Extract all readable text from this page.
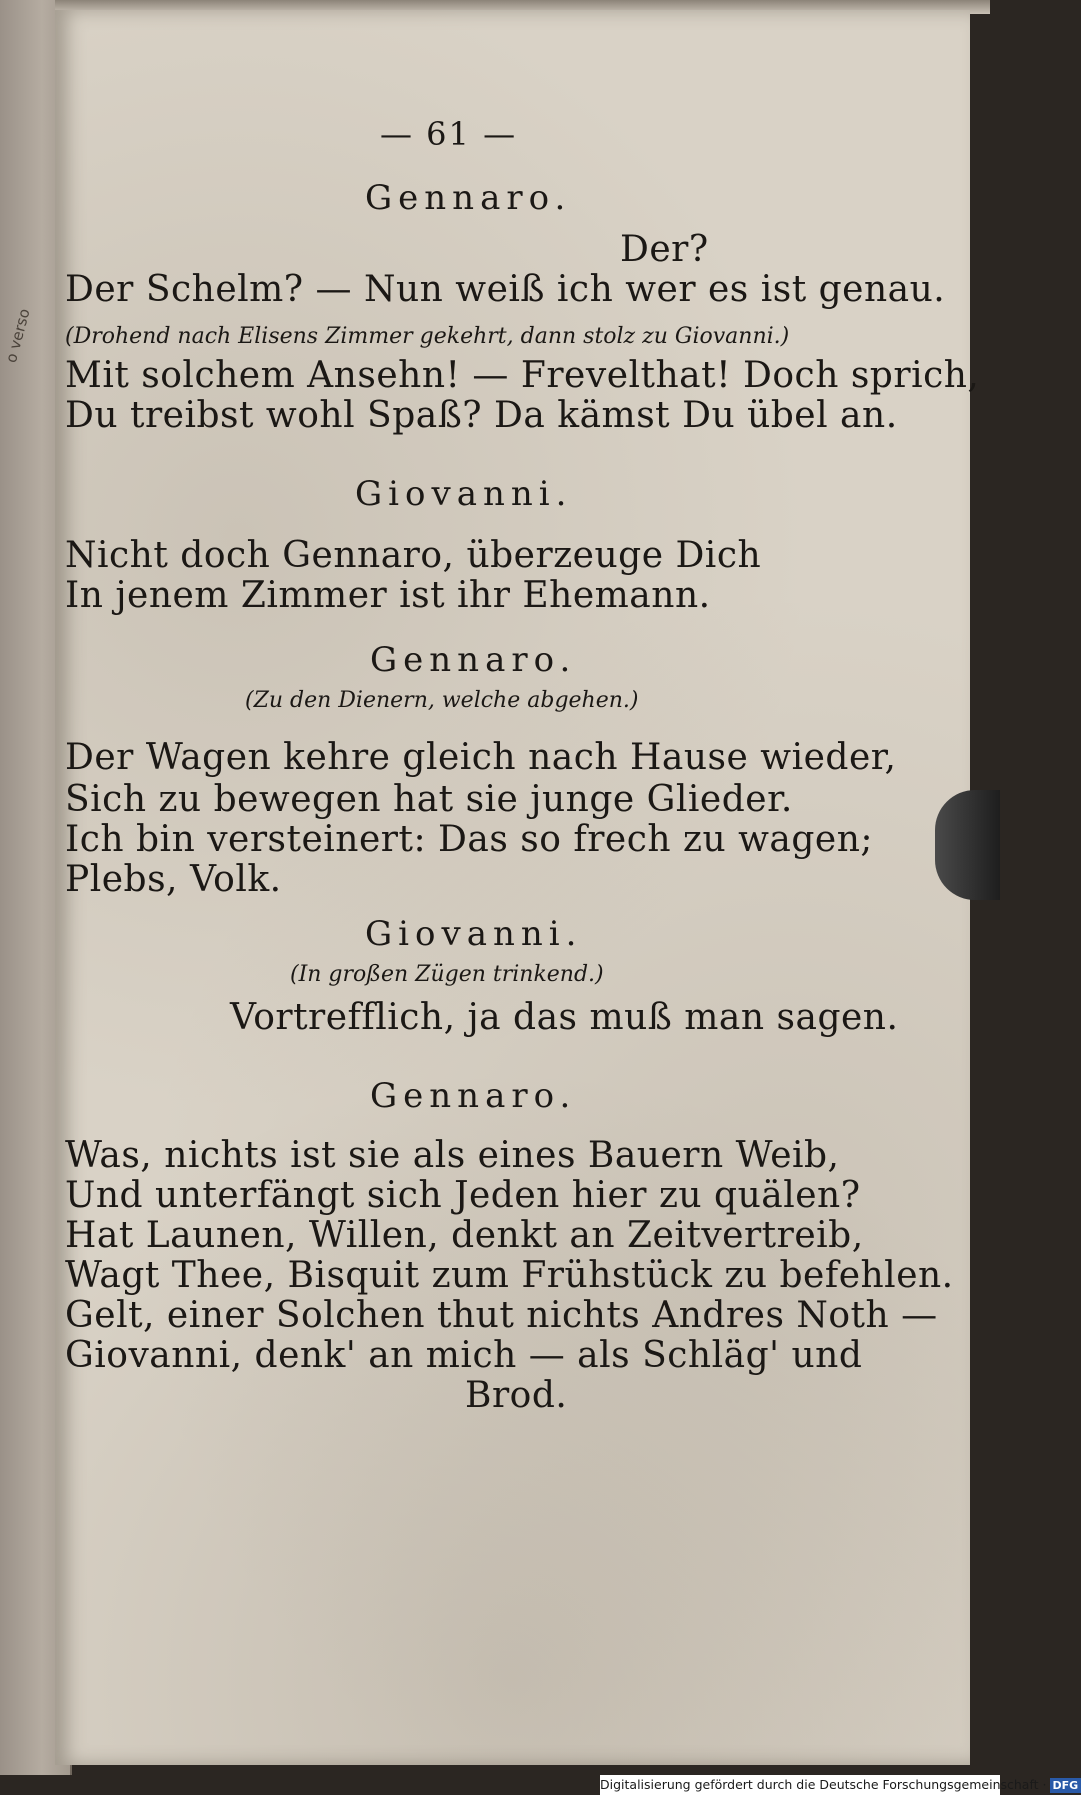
o verso
— 61 —
Gennaro.
Der?
Der Schelm? — Nun weiß ich wer es ist genau.
(Drohend nach Elisens Zimmer gekehrt, dann stolz zu Giovanni.)
Mit solchem Ansehn! — Frevelthat! Doch sprich,
Du treibst wohl Spaß? Da kämst Du übel an.
Giovanni.
Nicht doch Gennaro, überzeuge Dich
In jenem Zimmer ist ihr Ehemann.
Gennaro.
(Zu den Dienern, welche abgehen.)
Der Wagen kehre gleich nach Hause wieder,
Sich zu bewegen hat sie junge Glieder.
Ich bin versteinert: Das so frech zu wagen;
Plebs, Volk.
Giovanni.
(In großen Zügen trinkend.)
Vortrefflich, ja das muß man sagen.
Gennaro.
Was, nichts ist sie als eines Bauern Weib,
Und unterfängt sich Jeden hier zu quälen?
Hat Launen, Willen, denkt an Zeitvertreib,
Wagt Thee, Bisquit zum Frühstück zu befehlen.
Gelt, einer Solchen thut nichts Andres Noth —
Giovanni, denk' an mich — als Schläg' und
Brod.
Digitalisierung gefördert durch die Deutsche Forschungsgemeinschaft · DFG
